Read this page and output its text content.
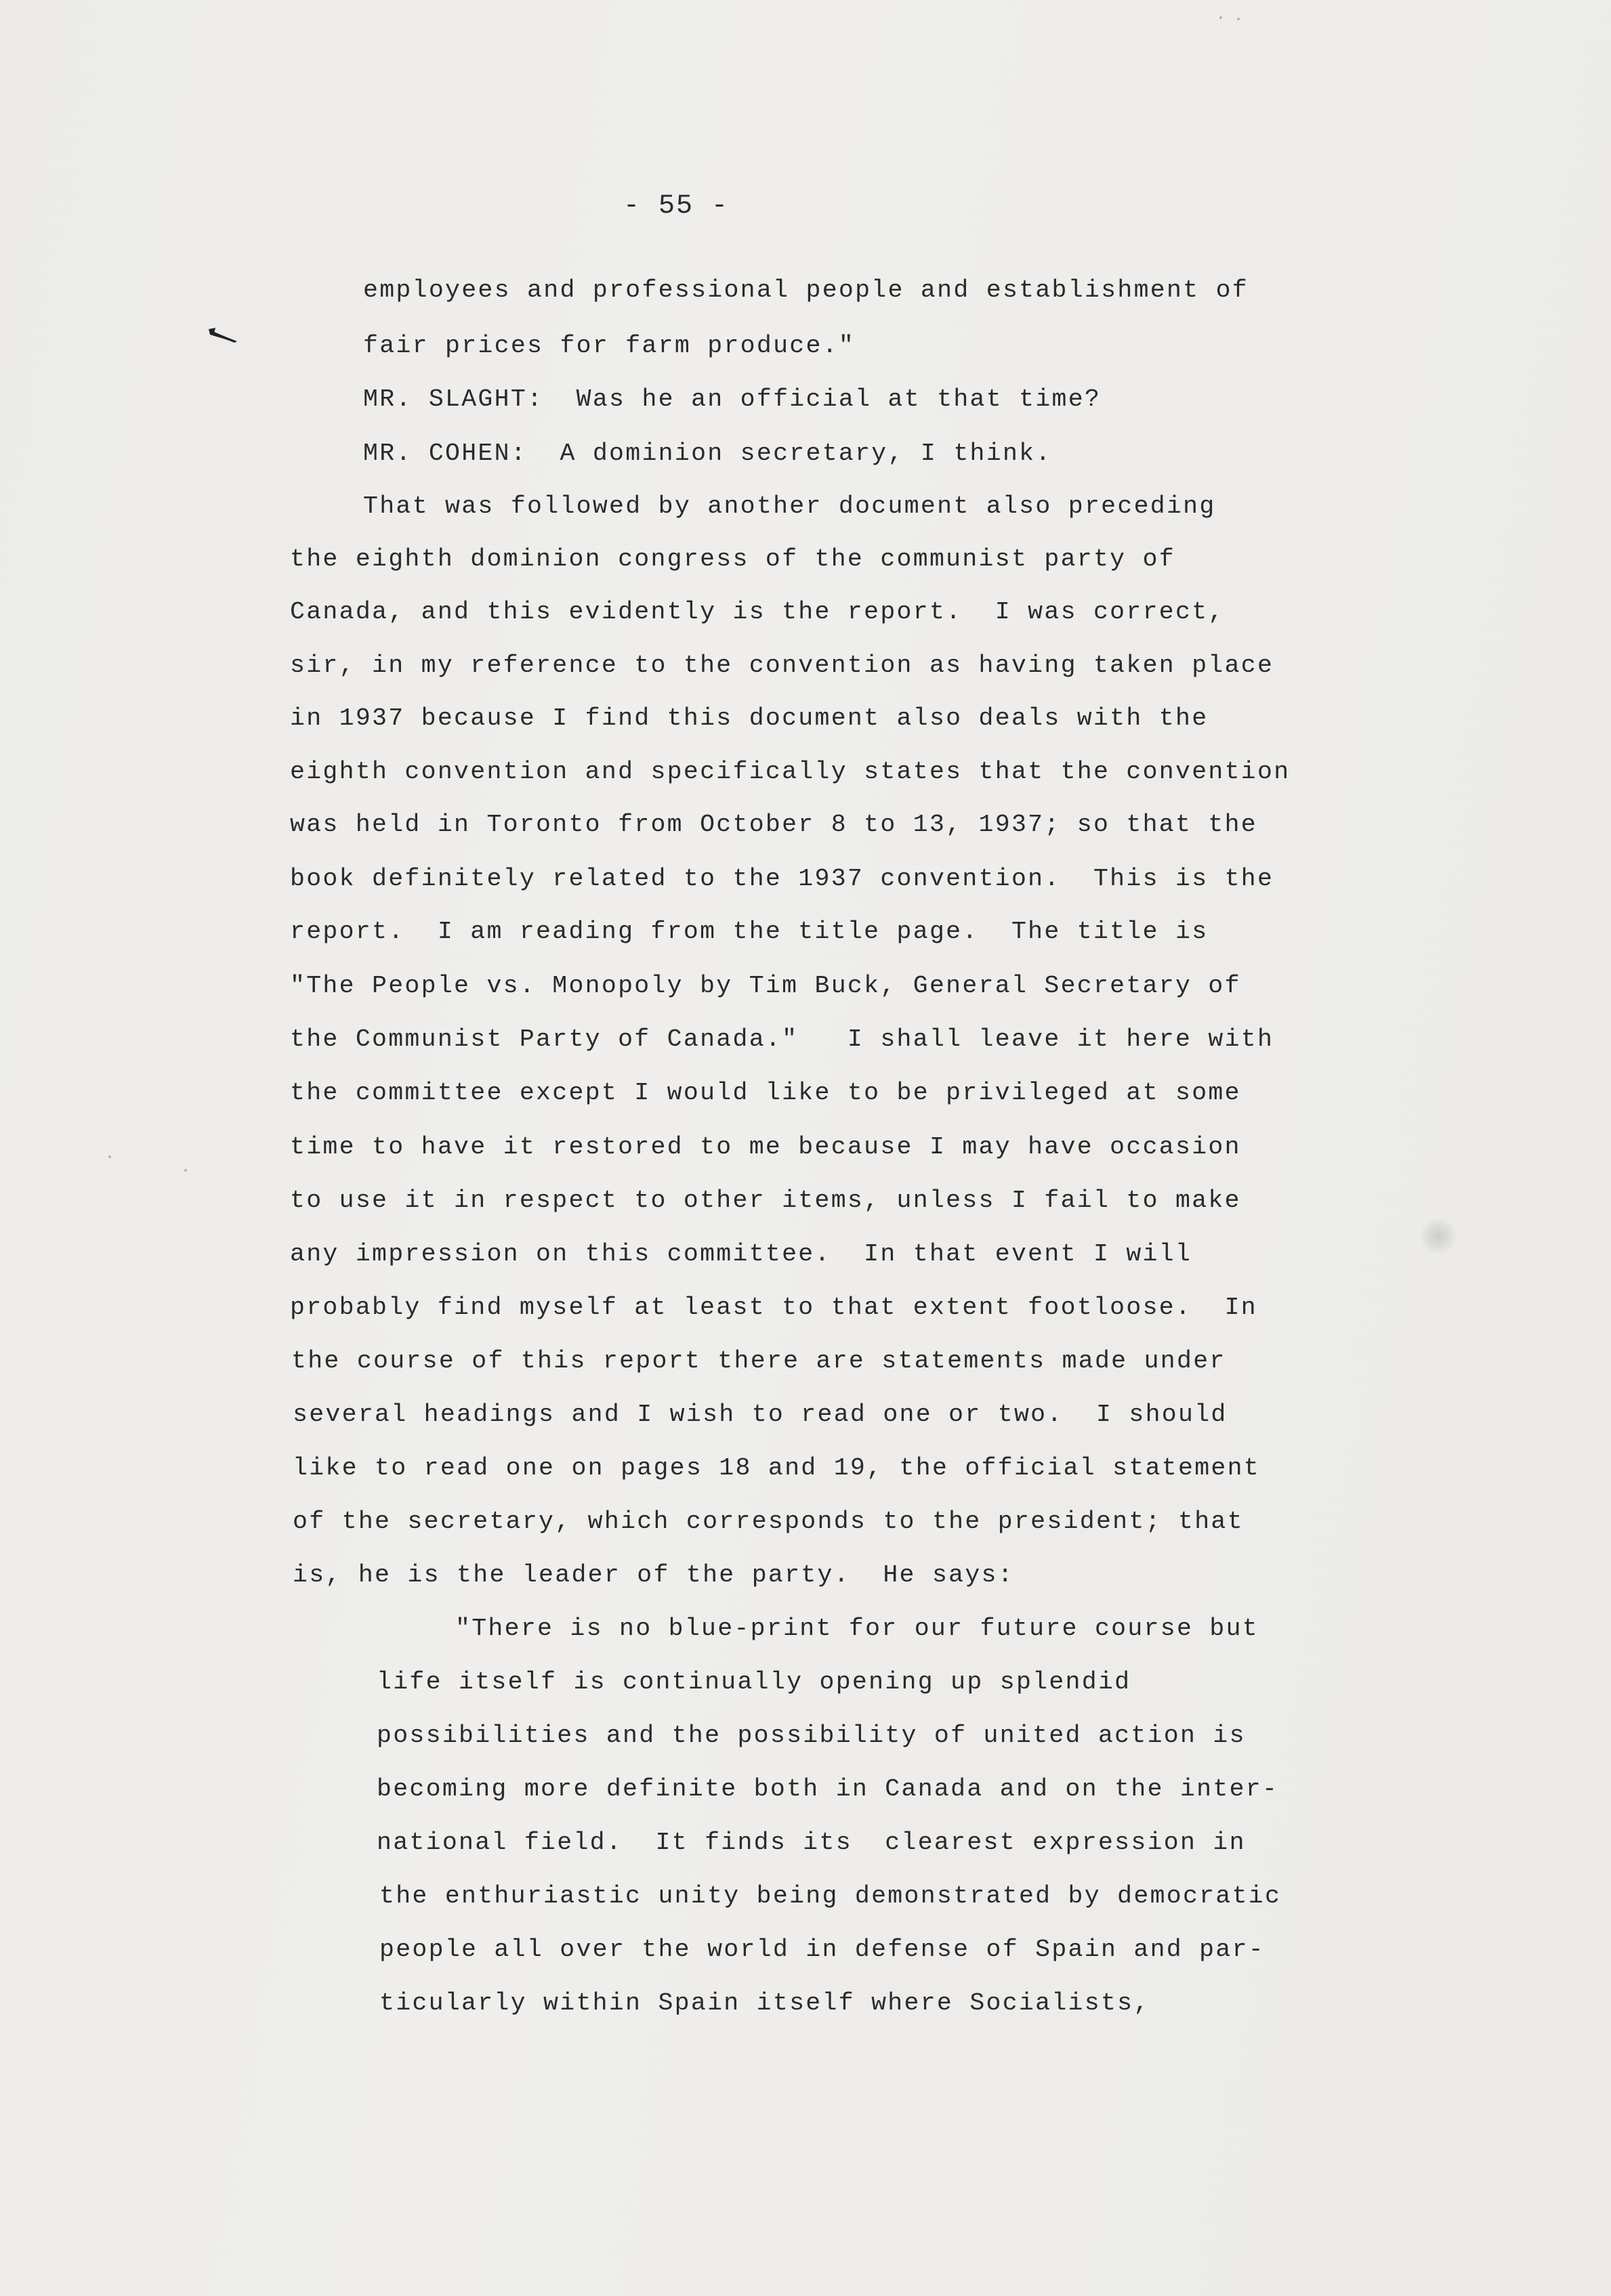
- 55 -
employees and professional people and establishment of
fair prices for farm produce."
MR. SLAGHT:  Was he an official at that time?
MR. COHEN:  A dominion secretary, I think.
That was followed by another document also preceding
the eighth dominion congress of the communist party of
Canada, and this evidently is the report.  I was correct,
sir, in my reference to the convention as having taken place
in 1937 because I find this document also deals with the
eighth convention and specifically states that the convention
was held in Toronto from October 8 to 13, 1937; so that the
book definitely related to the 1937 convention.  This is the
report.  I am reading from the title page.  The title is
"The People vs. Monopoly by Tim Buck, General Secretary of
the Communist Party of Canada."   I shall leave it here with
the committee except I would like to be privileged at some
time to have it restored to me because I may have occasion
to use it in respect to other items, unless I fail to make
any impression on this committee.  In that event I will
probably find myself at least to that extent footloose.  In
the course of this report there are statements made under
several headings and I wish to read one or two.  I should
like to read one on pages 18 and 19, the official statement
of the secretary, which corresponds to the president; that
is, he is the leader of the party.  He says:
"There is no blue-print for our future course but
life itself is continually opening up splendid
possibilities and the possibility of united action is
becoming more definite both in Canada and on the inter-
national field.  It finds its  clearest expression in
the enthuriastic unity being demonstrated by democratic
people all over the world in defense of Spain and par-
ticularly within Spain itself where Socialists,
